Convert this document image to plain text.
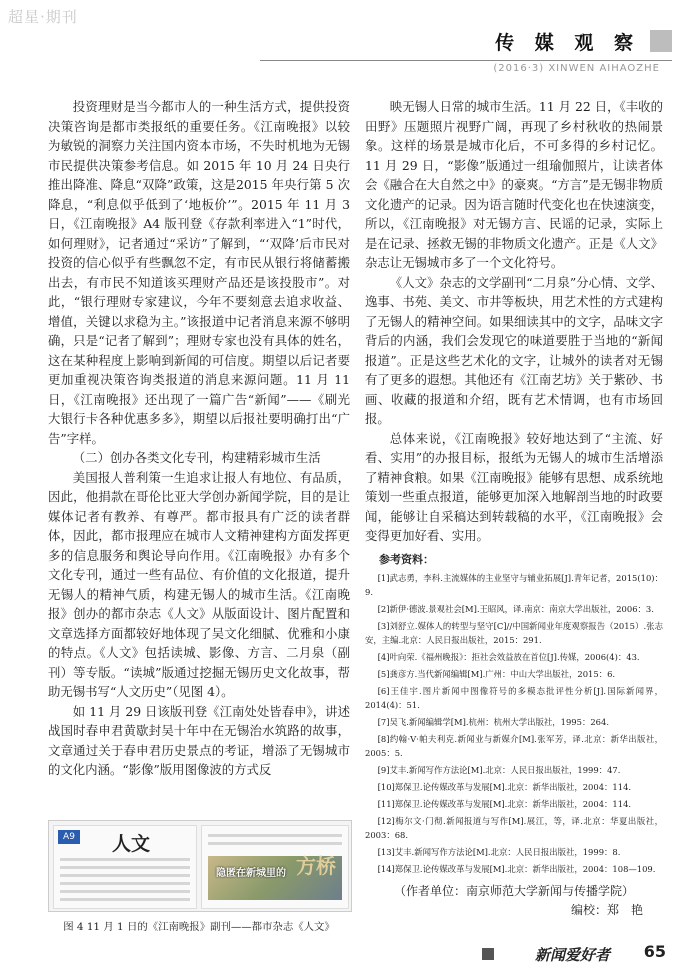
超星·期刊
传 媒 观 察
(2016·3) XINWEN AIHAOZHE

投资理财是当今都市人的一种生活方式，提供投资决策咨询是都市类报纸的重要任务。《江南晚报》以较为敏锐的洞察力关注国内资本市场，不失时机地为无锡市民提供决策参考信息。如 2015 年 10 月 24 日央行推出降准、降息“双降”政策，这是2015 年央行第 5 次降息，“利息似乎低到了‘地板价’”。2015 年 11 月 3 日，《江南晚报》A4 版刊登《存款利率进入“1”时代，如何理财》，记者通过“采访”了解到，“‘双降’后市民对投资的信心似乎有些飘忽不定，有市民从银行将储蓄搬出去，有市民不知道该买理财产品还是该投股市”。对此，“银行理财专家建议，今年不要刻意去追求收益、增值，关键以求稳为主。”该报道中记者消息来源不够明确，只是“记者了解到”；理财专家也没有具体的姓名，这在某种程度上影响到新闻的可信度。期望以后记者要更加重视决策咨询类报道的消息来源问题。11 月 11 日，《江南晚报》还出现了一篇广告“新闻”——《刷光大银行卡各种优惠多多》，期望以后报社要明确打出“广告”字样。

（二）创办各类文化专刊，构建精彩城市生活

美国报人普利策一生追求让报人有地位、有品质，因此，他捐款在哥伦比亚大学创办新闻学院，目的是让媒体记者有教养、有尊严。都市报具有广泛的读者群体，因此，都市报理应在城市人文精神建构方面发挥更多的信息服务和舆论导向作用。《江南晚报》办有多个文化专刊，通过一些有品位、有价值的文化报道，提升无锡人的精神气质，构建无锡人的城市生活。《江南晚报》创办的都市杂志《人文》从版面设计、图片配置和文章选择方面都较好地体现了吴文化细腻、优雅和小康的特点。《人文》包括读城、影像、方言、二月泉（副刊）等专版。“读城”版通过挖掘无锡历史文化故事，帮助无锡书写“人文历史”（见图 4）。

如 11 月 29 日该版刊登《江南处处皆春申》，讲述战国时春申君黄歇封吴十年中在无锡治水筑路的故事，文章通过关于春申君历史景点的考证，增添了无锡城市的文化内涵。“影像”版用图像波的方式反

映无锡人日常的城市生活。11 月 22 日，《丰收的田野》压题照片视野广阔，再现了乡村秋收的热闹景象。这样的场景是城市化后，不可多得的乡村记忆。11 月 29 日，“影像”版通过一组瑜伽照片，让读者体会《融合在大自然之中》的豪爽。“方言”是无锡非物质文化遗产的记录。因为语言随时代变化也在快速演变，所以，《江南晚报》对无锡方言、民谣的记录，实际上是在记录、拯救无锡的非物质文化遗产。正是《人文》杂志让无锡城市多了一个文化符号。

《人文》杂志的文学副刊“二月泉”分心情、文学、逸事、书苑、美文、市井等板块，用艺术性的方式建构了无锡人的精神空间。如果细读其中的文字，品味文字背后的内涵，我们会发现它的味道要胜于当地的“新闻报道”。正是这些艺术化的文字，让城外的读者对无锡有了更多的遐想。其他还有《江南艺坊》关于紫砂、书画、收藏的报道和介绍，既有艺术情调，也有市场回报。

总体来说，《江南晚报》较好地达到了“主流、好看、实用”的办报目标，报纸为无锡人的城市生活增添了精神食粮。如果《江南晚报》能够有思想、成系统地策划一些重点报道，能够更加深入地解剖当地的时政要闻，能够让自采稿达到转载稿的水平，《江南晚报》会变得更加好看、实用。

参考资料：
[1]武志勇，李科.主流媒体的主业坚守与辅业拓展[J].青年记者，2015(10)：9.
[2]新伊·德波.景观社会[M].王昭风，译.南京：南京大学出版社，2006：3.
[3]刘舒立.媒体人的转型与坚守[C]//中国新闻业年度观察报告（2015）.张志安，主编.北京：人民日报出版社，2015：291.
[4]叶向荣.《福州晚报》：拒社会效益放在首位[J].传媒，2006(4)：43.
[5]龚彦方.当代新闻编辑[M].广州：中山大学出版社，2015：6.
[6]王佳宇.图片新闻中图像符号的多模态批评性分析[J].国际新闻界，2014(4)：51.
[7]吴飞.新闻编辑学[M].杭州：杭州大学出版社，1995：264.
[8]约翰·V·帕夫利克.新闻业与新媒介[M].张军芳，译.北京：新华出版社，2005：5.
[9]艾丰.新闻写作方法论[M].北京：人民日报出版社，1999：47.
[10]郑保卫.论传媒改革与发展[M].北京：新华出版社，2004：114.
[11]郑保卫.论传媒改革与发展[M].北京：新华出版社，2004：114.
[12]梅尔文·门彻.新闻报道与写作[M].展江，等，译.北京：华夏出版社，2003：68.
[13]艾丰.新闻写作方法论[M].北京：人民日报出版社，1999：8.
[14]郑保卫.论传媒改革与发展[M].北京：新华出版社，2004：108—109.
（作者单位：南京师范大学新闻与传播学院）
编校：郑　艳
A9 人文
隐匿在新城里的 方桥
图 4 11 月 1 日的《江南晚报》副刊——都市杂志《人文》
新闻爱好者 65
